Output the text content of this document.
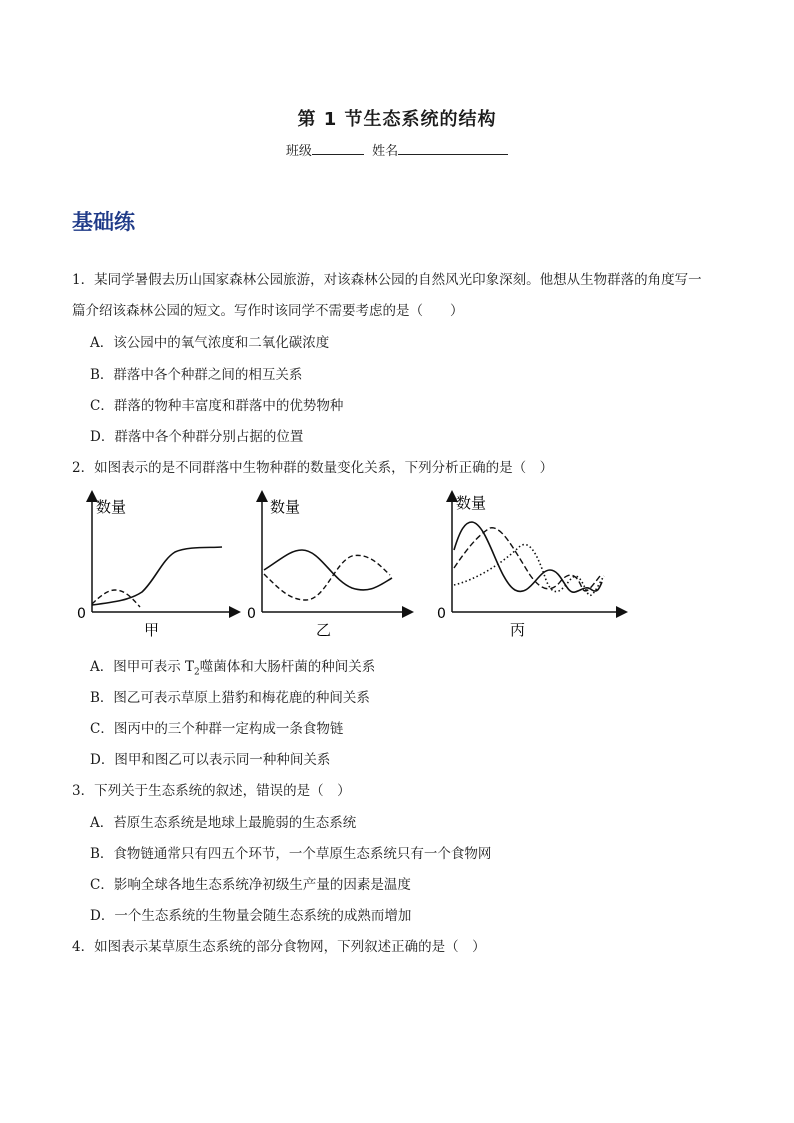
第 1 节生态系统的结构
班级	姓名
基础练
1．某同学暑假去历山国家森林公园旅游，对该森林公园的自然风光印象深刻。他想从生物群落的角度写一
篇介绍该森林公园的短文。写作时该同学不需要考虑的是（　　）
A．该公园中的氧气浓度和二氧化碳浓度
B．群落中各个种群之间的相互关系
C．群落的物种丰富度和群落中的优势物种
D．群落中各个种群分别占据的位置
2．如图表示的是不同群落中生物种群的数量变化关系，下列分析正确的是（　）
数量
0
甲
数量
0
乙
数量
0
丙
A．图甲可表示 $T_2$噬菌体和大肠杆菌的种间关系
B．图乙可表示草原上猎豹和梅花鹿的种间关系
C．图丙中的三个种群一定构成一条食物链
D．图甲和图乙可以表示同一种种间关系
3．下列关于生态系统的叙述，错误的是（　）
A．苔原生态系统是地球上最脆弱的生态系统
B．食物链通常只有四五个环节，一个草原生态系统只有一个食物网
C．影响全球各地生态系统净初级生产量的因素是温度
D．一个生态系统的生物量会随生态系统的成熟而增加
4．如图表示某草原生态系统的部分食物网，下列叙述正确的是（　）
